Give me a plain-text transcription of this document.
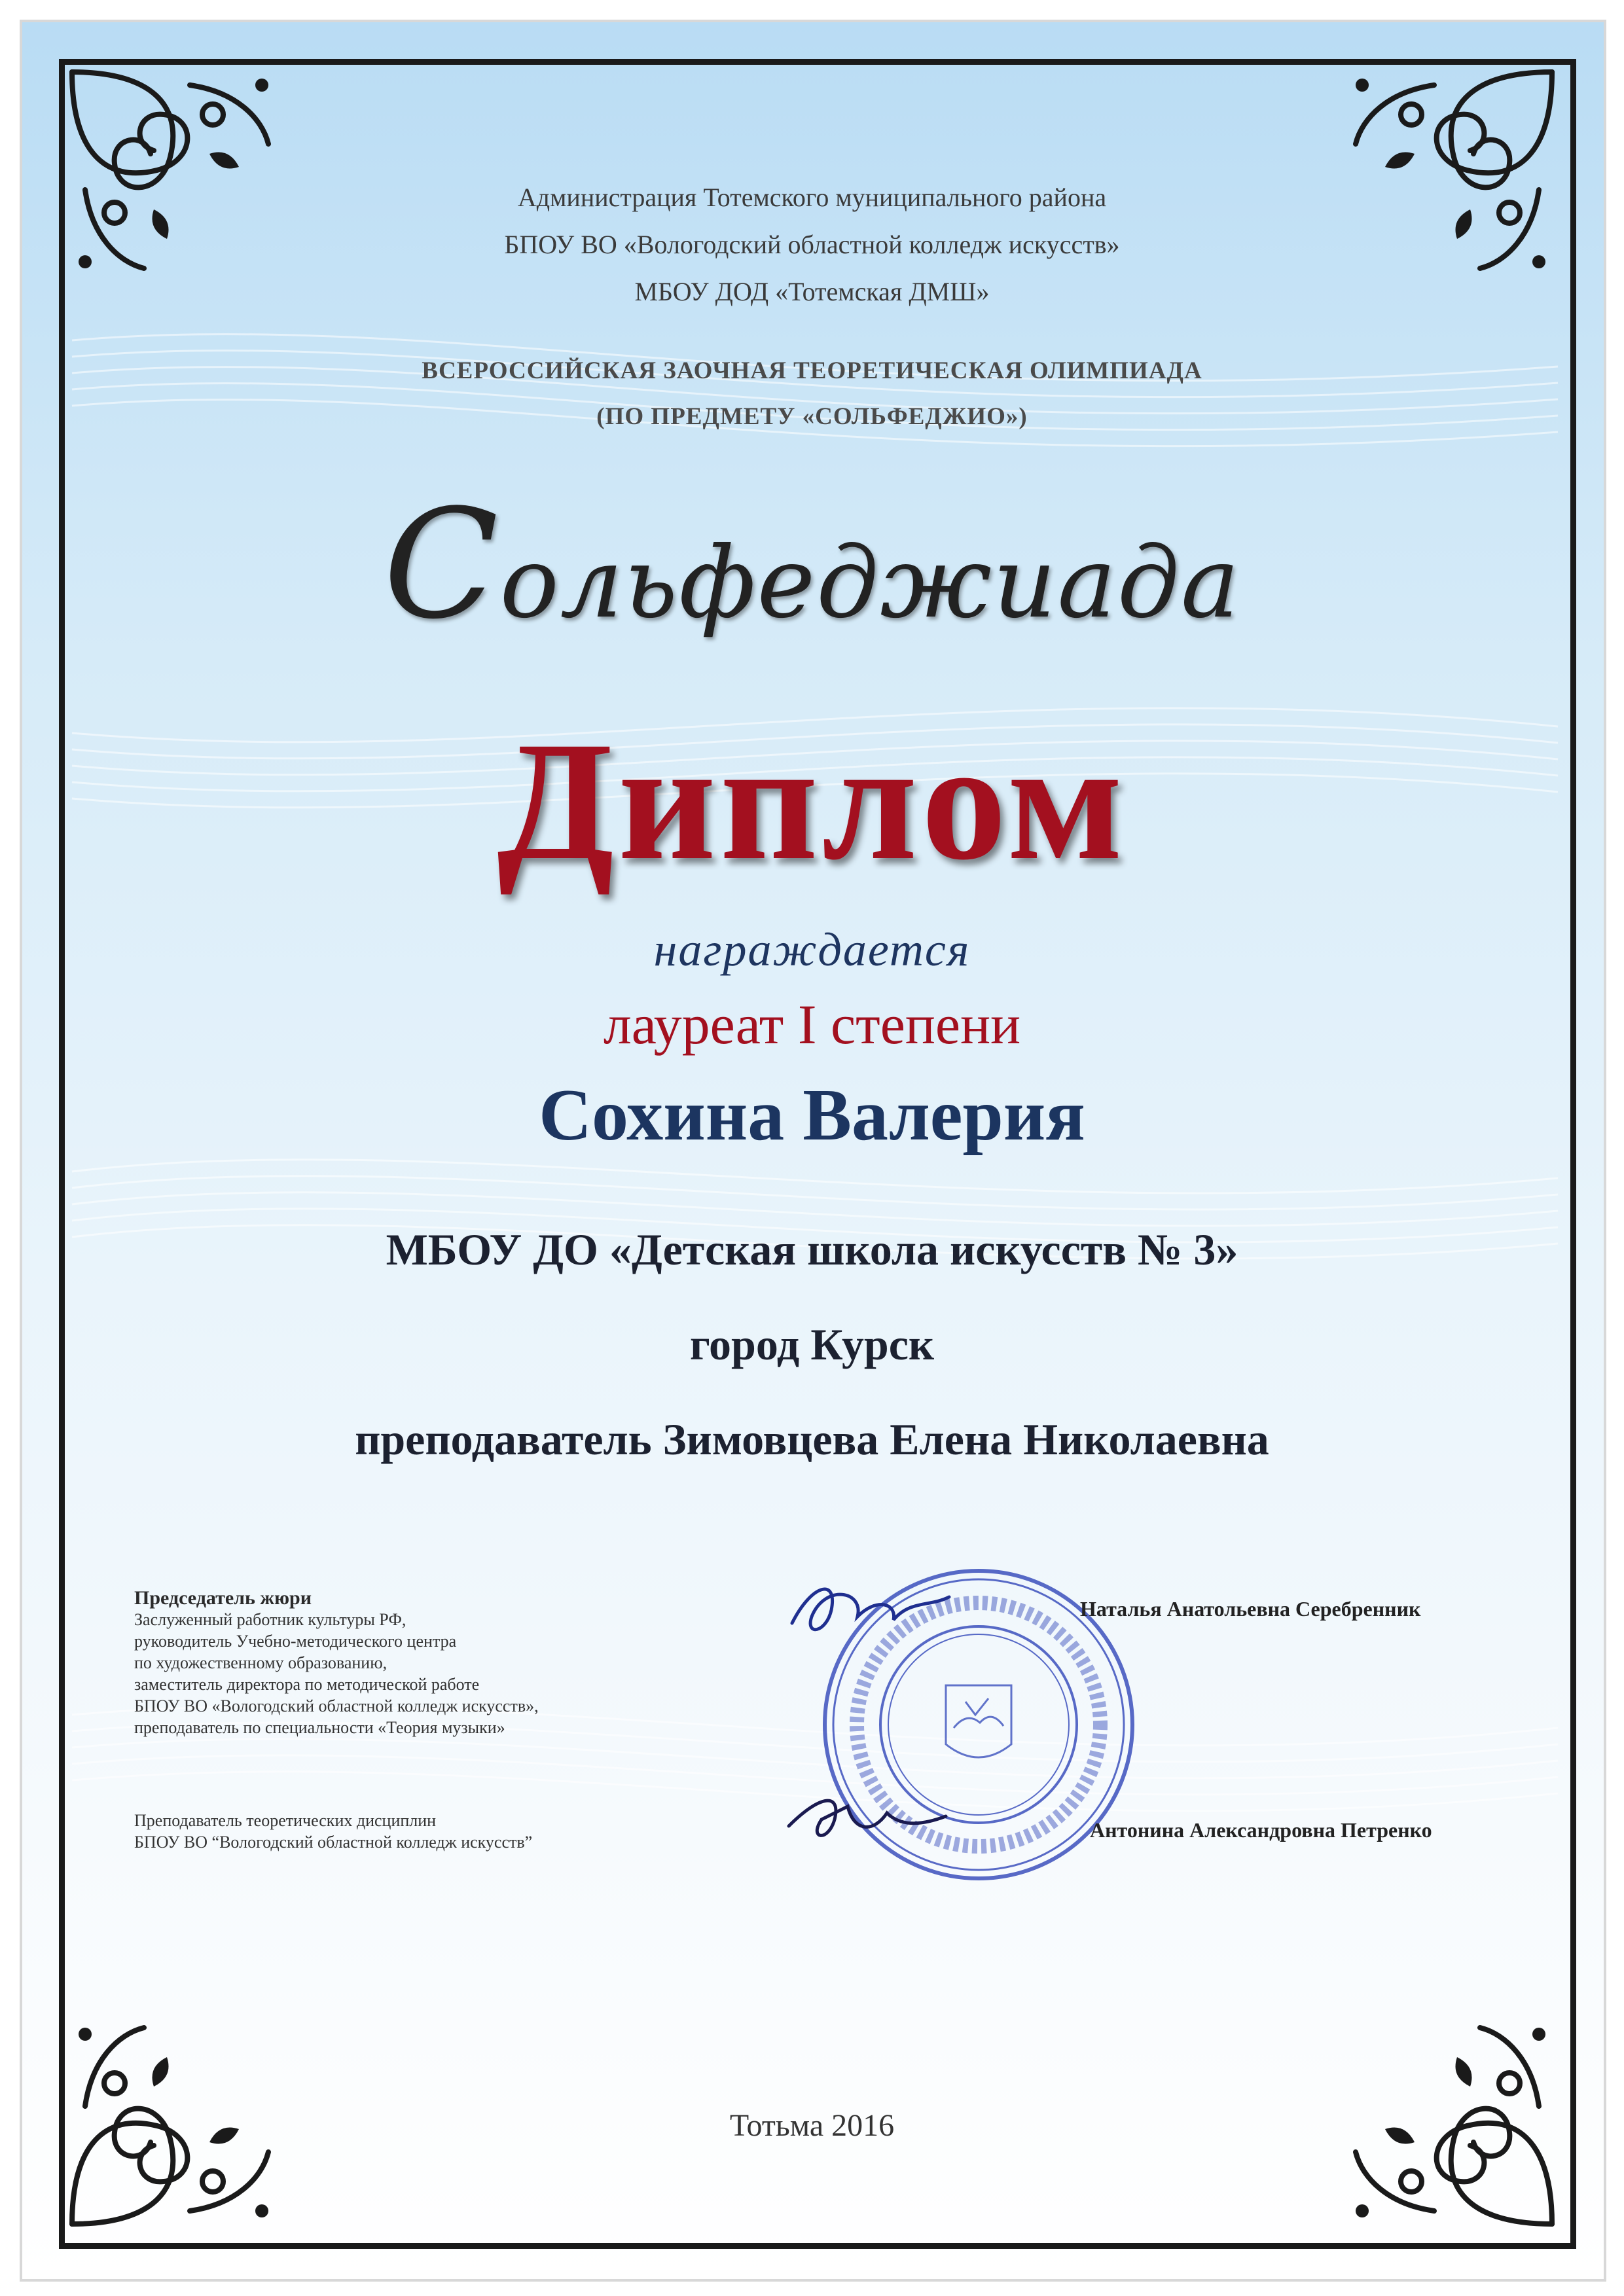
Администрация Тотемского муниципального района

БПОУ ВО «Вологодский областной колледж искусств»

МБОУ ДОД «Тотемская ДМШ»

ВСЕРОССИЙСКАЯ ЗАОЧНАЯ ТЕОРЕТИЧЕСКАЯ ОЛИМПИАДА

(ПО ПРЕДМЕТУ «СОЛЬФЕДЖИО»)

Сольфеджиада

Диплом

награждается

лауреат I степени

Сохина Валерия

МБОУ ДО «Детская школа искусств № 3»

город Курск

преподаватель Зимовцева Елена Николаевна

Председатель жюри
Заслуженный работник культуры РФ,
руководитель Учебно-методического центра
по художественному образованию,
заместитель директора по методической работе
БПОУ ВО «Вологодский областной колледж искусств»,
преподаватель по специальности «Теория музыки»
Преподаватель теоретических дисциплин
БПОУ ВО “Вологодский областной колледж искусств”
Наталья Анатольевна Серебренник
Антонина Александровна Петренко

Тотьма 2016
